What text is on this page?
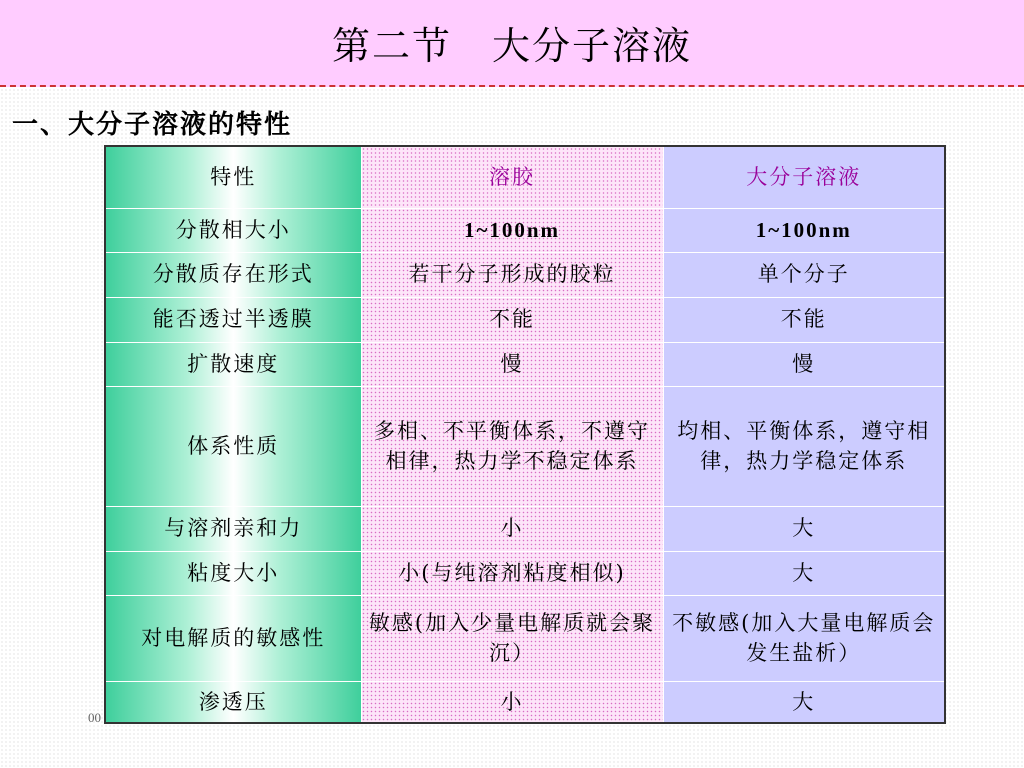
第二节　大分子溶液
一、大分子溶液的特性
特性	溶胶	大分子溶液
分散相大小	1~100nm	1~100nm
分散质存在形式	若干分子形成的胶粒	单个分子
能否透过半透膜	不能	不能
扩散速度	慢	慢
体系性质	多相、不平衡体系，不遵守相律，热力学不稳定体系	均相、平衡体系，遵守相律，热力学稳定体系
与溶剂亲和力	小	大
粘度大小	小(与纯溶剂粘度相似)	大
对电解质的敏感性	敏感(加入少量电解质就会聚沉）	不敏感(加入大量电解质会发生盐析）
渗透压	小	大
00
